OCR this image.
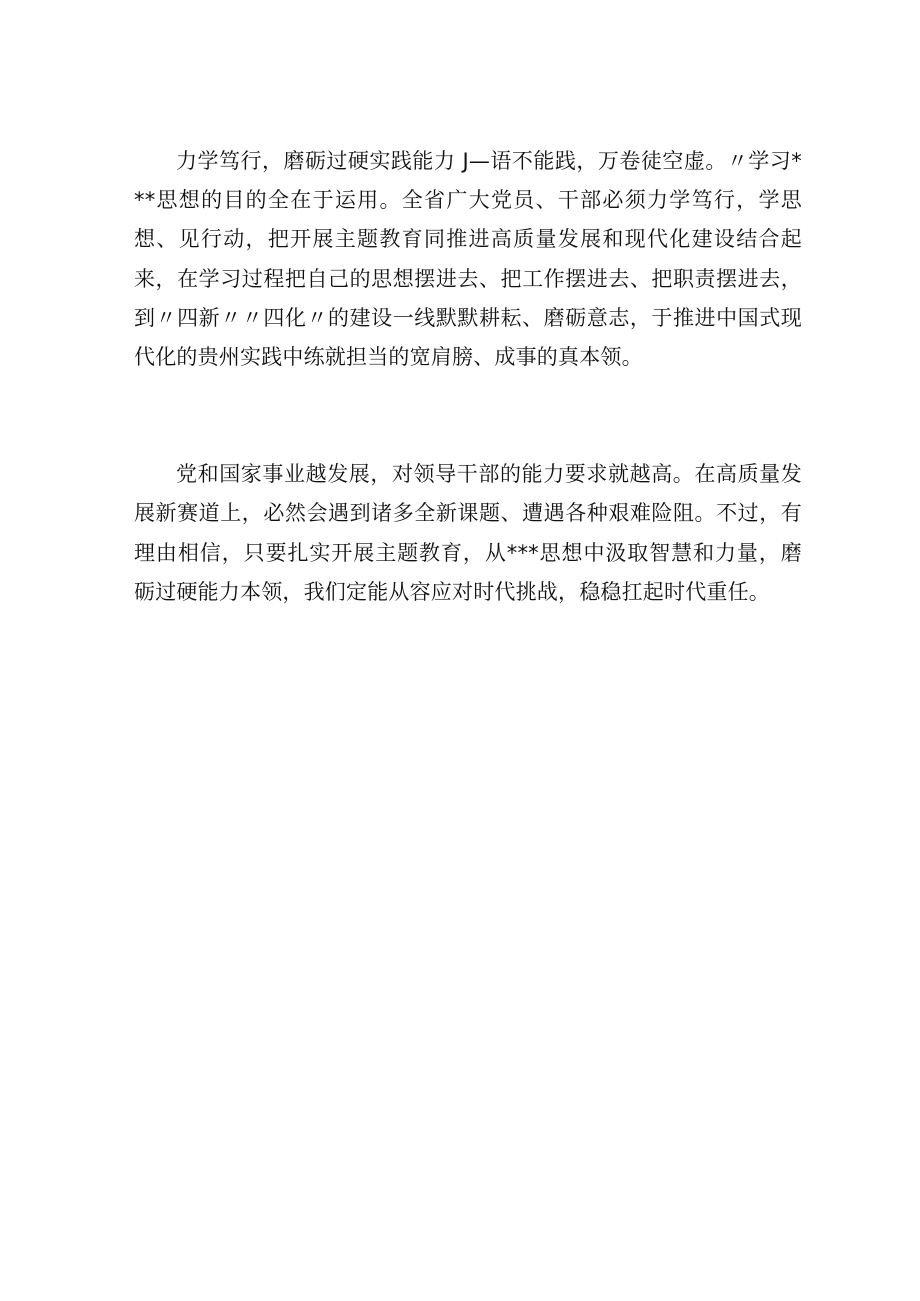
力学笃行，磨砺过硬实践能力 J—语不能践，万卷徒空虚。〃学习***思想的目的全在于运用。全省广大党员、干部必须力学笃行，学思想、见行动，把开展主题教育同推进高质量发展和现代化建设结合起来，在学习过程把自己的思想摆进去、把工作摆进去、把职责摆进去，到〃四新〃〃四化〃的建设一线默默耕耘、磨砺意志，于推进中国式现代化的贵州实践中练就担当的宽肩膀、成事的真本领。

党和国家事业越发展，对领导干部的能力要求就越高。在高质量发展新赛道上，必然会遇到诸多全新课题、遭遇各种艰难险阻。不过，有理由相信，只要扎实开展主题教育，从***思想中汲取智慧和力量，磨砺过硬能力本领，我们定能从容应对时代挑战，稳稳扛起时代重任。
